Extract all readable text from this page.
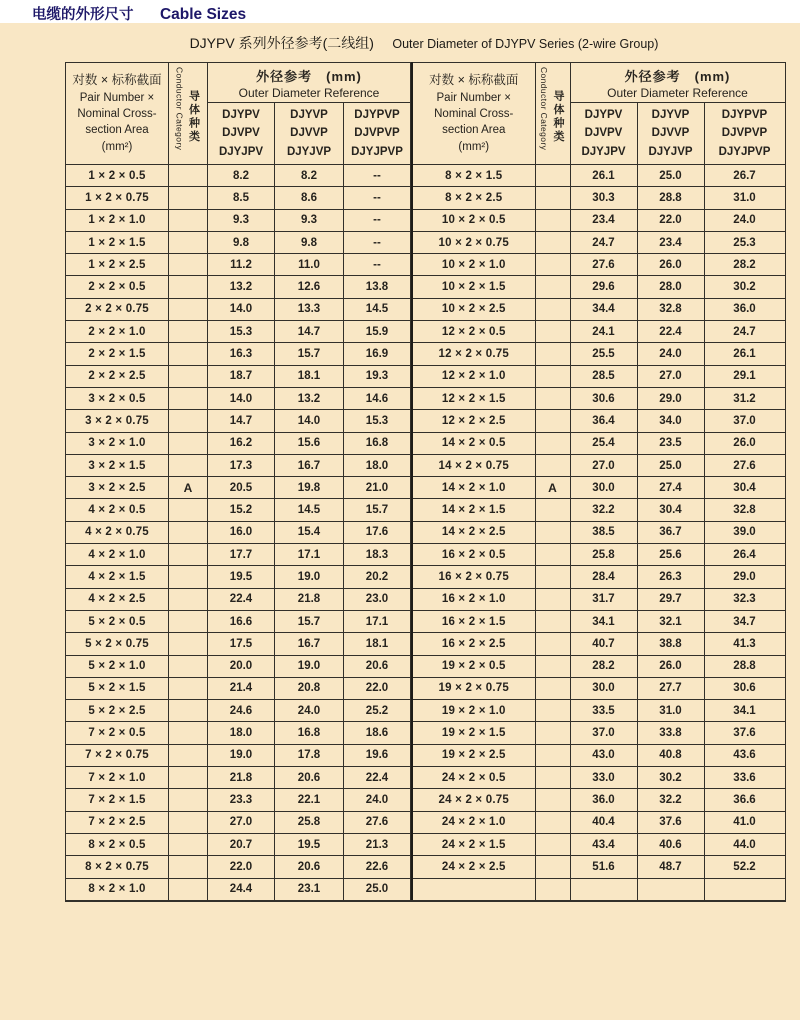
电缆的外形尺寸 Cable Sizes
DJYPV 系列外径参考(二线组) Outer Diameter of DJYPV Series (2-wire Group)
对数 × 标称截面
Pair Number ×
Nominal Cross-
section Area
(mm²)	Conductor Category 导体种类

外径参考　(mm)
Outer Diameter Reference

DJYPV
DJVPV
DJYJPV

DJYVP
DJVVP
DJYJVP

DJYPVP
DJVPVP
DJYJPVP

1 × 2 × 0.5		8.2	8.2	--
1 × 2 × 0.75		8.5	8.6	--
1 × 2 × 1.0		9.3	9.3	--
1 × 2 × 1.5		9.8	9.8	--
1 × 2 × 2.5		11.2	11.0	--
2 × 2 × 0.5		13.2	12.6	13.8
2 × 2 × 0.75		14.0	13.3	14.5
2 × 2 × 1.0		15.3	14.7	15.9
2 × 2 × 1.5		16.3	15.7	16.9
2 × 2 × 2.5		18.7	18.1	19.3
3 × 2 × 0.5		14.0	13.2	14.6
3 × 2 × 0.75		14.7	14.0	15.3
3 × 2 × 1.0		16.2	15.6	16.8
3 × 2 × 1.5		17.3	16.7	18.0
3 × 2 × 2.5	A	20.5	19.8	21.0
4 × 2 × 0.5		15.2	14.5	15.7
4 × 2 × 0.75		16.0	15.4	17.6
4 × 2 × 1.0		17.7	17.1	18.3
4 × 2 × 1.5		19.5	19.0	20.2
4 × 2 × 2.5		22.4	21.8	23.0
5 × 2 × 0.5		16.6	15.7	17.1
5 × 2 × 0.75		17.5	16.7	18.1
5 × 2 × 1.0		20.0	19.0	20.6
5 × 2 × 1.5		21.4	20.8	22.0
5 × 2 × 2.5		24.6	24.0	25.2
7 × 2 × 0.5		18.0	16.8	18.6
7 × 2 × 0.75		19.0	17.8	19.6
7 × 2 × 1.0		21.8	20.6	22.4
7 × 2 × 1.5		23.3	22.1	24.0
7 × 2 × 2.5		27.0	25.8	27.6
8 × 2 × 0.5		20.7	19.5	21.3
8 × 2 × 0.75		22.0	20.6	22.6
8 × 2 × 1.0		24.4	23.1	25.0
对数 × 标称截面
Pair Number ×
Nominal Cross-
section Area
(mm²)	Conductor Category 导体种类

外径参考　(mm)
Outer Diameter Reference

DJYPV
DJVPV
DJYJPV

DJYVP
DJVVP
DJYJVP

DJYPVP
DJVPVP
DJYJPVP

8 × 2 × 1.5		26.1	25.0	26.7
8 × 2 × 2.5		30.3	28.8	31.0
10 × 2 × 0.5		23.4	22.0	24.0
10 × 2 × 0.75		24.7	23.4	25.3
10 × 2 × 1.0		27.6	26.0	28.2
10 × 2 × 1.5		29.6	28.0	30.2
10 × 2 × 2.5		34.4	32.8	36.0
12 × 2 × 0.5		24.1	22.4	24.7
12 × 2 × 0.75		25.5	24.0	26.1
12 × 2 × 1.0		28.5	27.0	29.1
12 × 2 × 1.5		30.6	29.0	31.2
12 × 2 × 2.5		36.4	34.0	37.0
14 × 2 × 0.5		25.4	23.5	26.0
14 × 2 × 0.75		27.0	25.0	27.6
14 × 2 × 1.0	A	30.0	27.4	30.4
14 × 2 × 1.5		32.2	30.4	32.8
14 × 2 × 2.5		38.5	36.7	39.0
16 × 2 × 0.5		25.8	25.6	26.4
16 × 2 × 0.75		28.4	26.3	29.0
16 × 2 × 1.0		31.7	29.7	32.3
16 × 2 × 1.5		34.1	32.1	34.7
16 × 2 × 2.5		40.7	38.8	41.3
19 × 2 × 0.5		28.2	26.0	28.8
19 × 2 × 0.75		30.0	27.7	30.6
19 × 2 × 1.0		33.5	31.0	34.1
19 × 2 × 1.5		37.0	33.8	37.6
19 × 2 × 2.5		43.0	40.8	43.6
24 × 2 × 0.5		33.0	30.2	33.6
24 × 2 × 0.75		36.0	32.2	36.6
24 × 2 × 1.0		40.4	37.6	41.0
24 × 2 × 1.5		43.4	40.6	44.0
24 × 2 × 2.5		51.6	48.7	52.2
